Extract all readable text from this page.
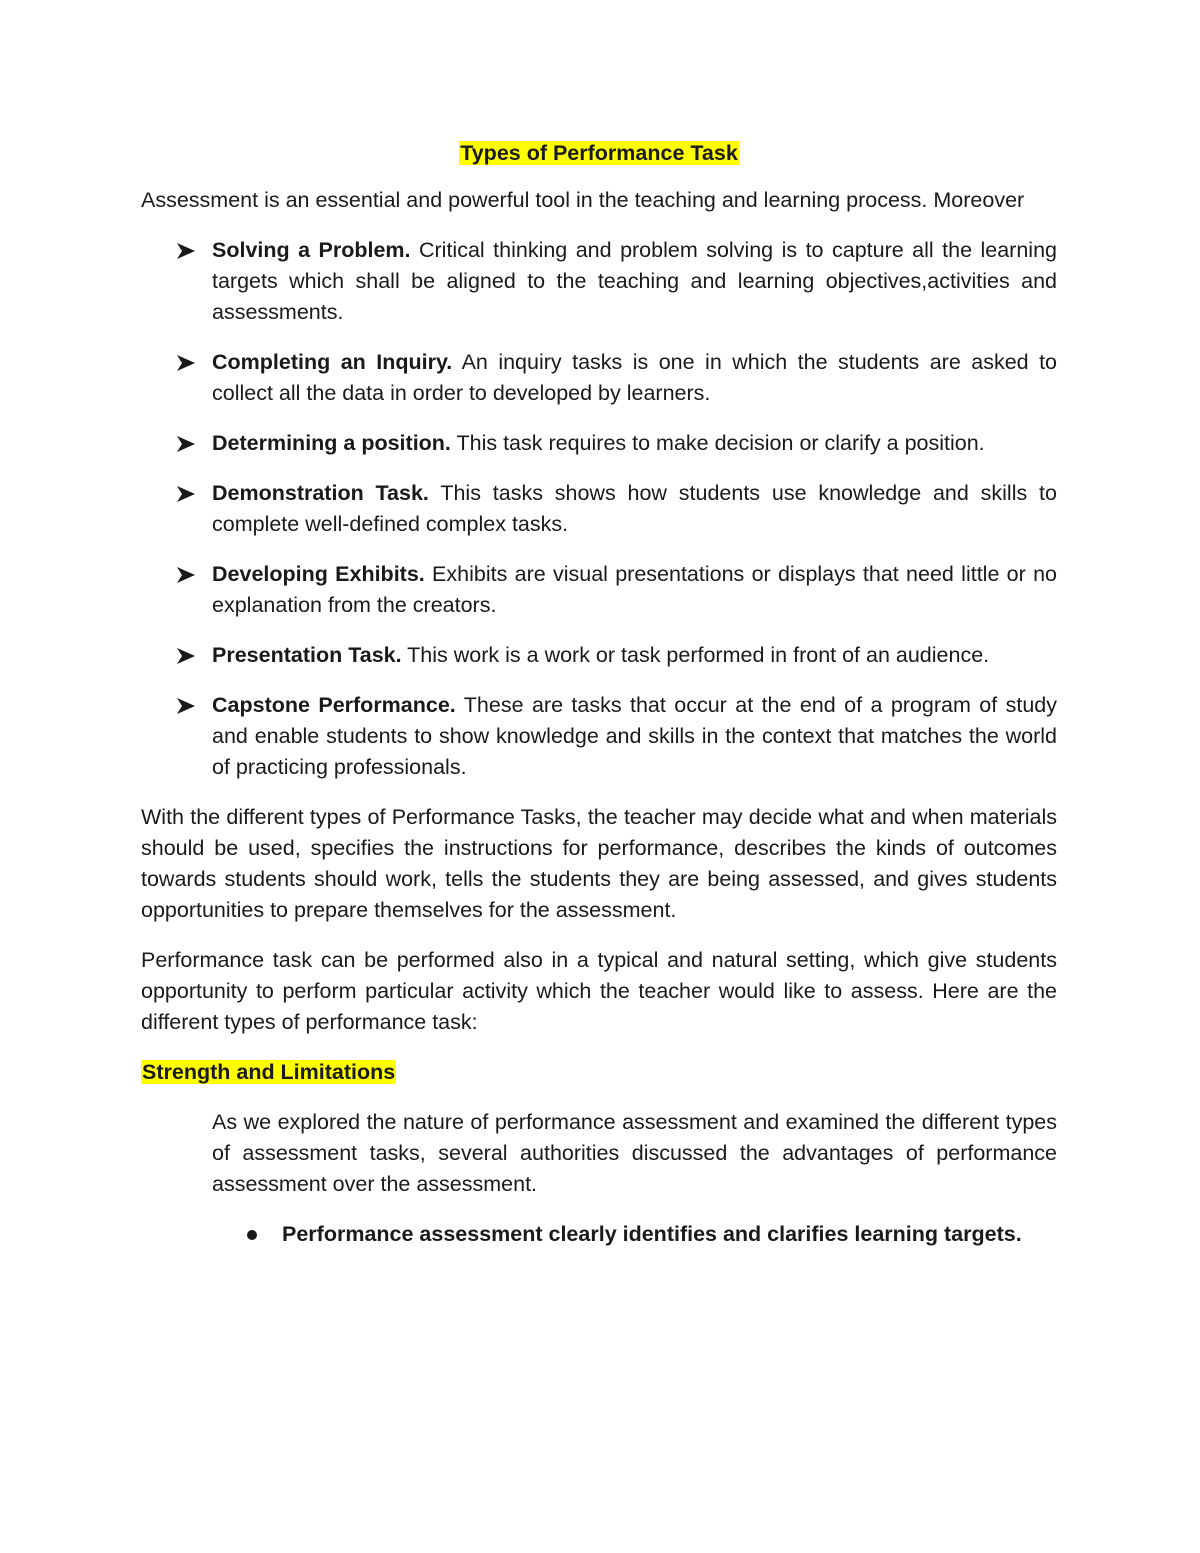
Types of Performance Task

Assessment is an essential and powerful tool in the teaching and learning process. Moreover

Solving a Problem. Critical thinking and problem solving is to capture all the learning targets which shall be aligned to the teaching and learning objectives,activities and assessments.
Completing an Inquiry. An inquiry tasks is one in which the students are asked to collect all the data in order to developed by learners.
Determining a position. This task requires to make decision or clarify a position.
Demonstration Task. This tasks shows how students use knowledge and skills to complete well-defined complex tasks.
Developing Exhibits. Exhibits are visual presentations or displays that need little or no explanation from the creators.
Presentation Task. This work is a work or task performed in front of an audience.
Capstone Performance. These are tasks that occur at the end of a program of study and enable students to show knowledge and skills in the context that matches the world of practicing professionals.

With the different types of Performance Tasks, the teacher may decide what and when materials should be used, specifies the instructions for performance, describes the kinds of outcomes towards students should work, tells the students they are being assessed, and gives students opportunities to prepare themselves for the assessment.

Performance task can be performed also in a typical and natural setting, which give students opportunity to perform particular activity which the teacher would like to assess. Here are the different types of performance task:

Strength and Limitations

As we explored the nature of performance assessment and examined the different types of assessment tasks, several authorities discussed the advantages of performance assessment over the assessment.

Performance assessment clearly identifies and clarifies learning targets.
